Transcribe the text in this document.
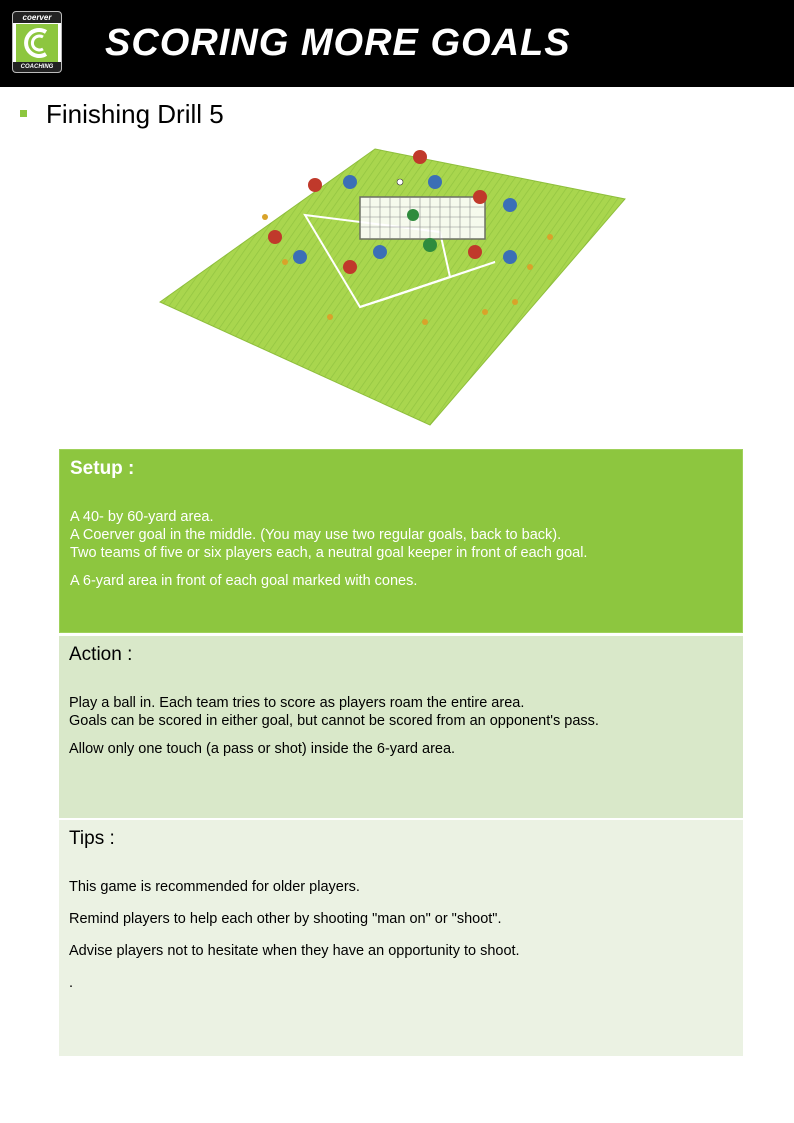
coerver
COACHING
SCORING MORE GOALS
Finishing Drill 5
Setup :

A 40- by 60-yard area.
A Coerver goal in the middle. (You may use two regular goals, back to back).
Two teams of five or six players each, a neutral goal keeper in front of each goal.

A 6-yard area in front of each goal marked with cones.

Action :

Play a ball in. Each team tries to score as players roam the entire area.
Goals can be scored in either goal, but cannot be scored from an opponent's pass.

Allow only one touch (a pass or shot) inside the 6-yard area.

Tips :

This game is recommended for older players.

Remind players to help each other by shooting "man on" or "shoot".

Advise players not to hesitate when they have an opportunity to shoot.

.
